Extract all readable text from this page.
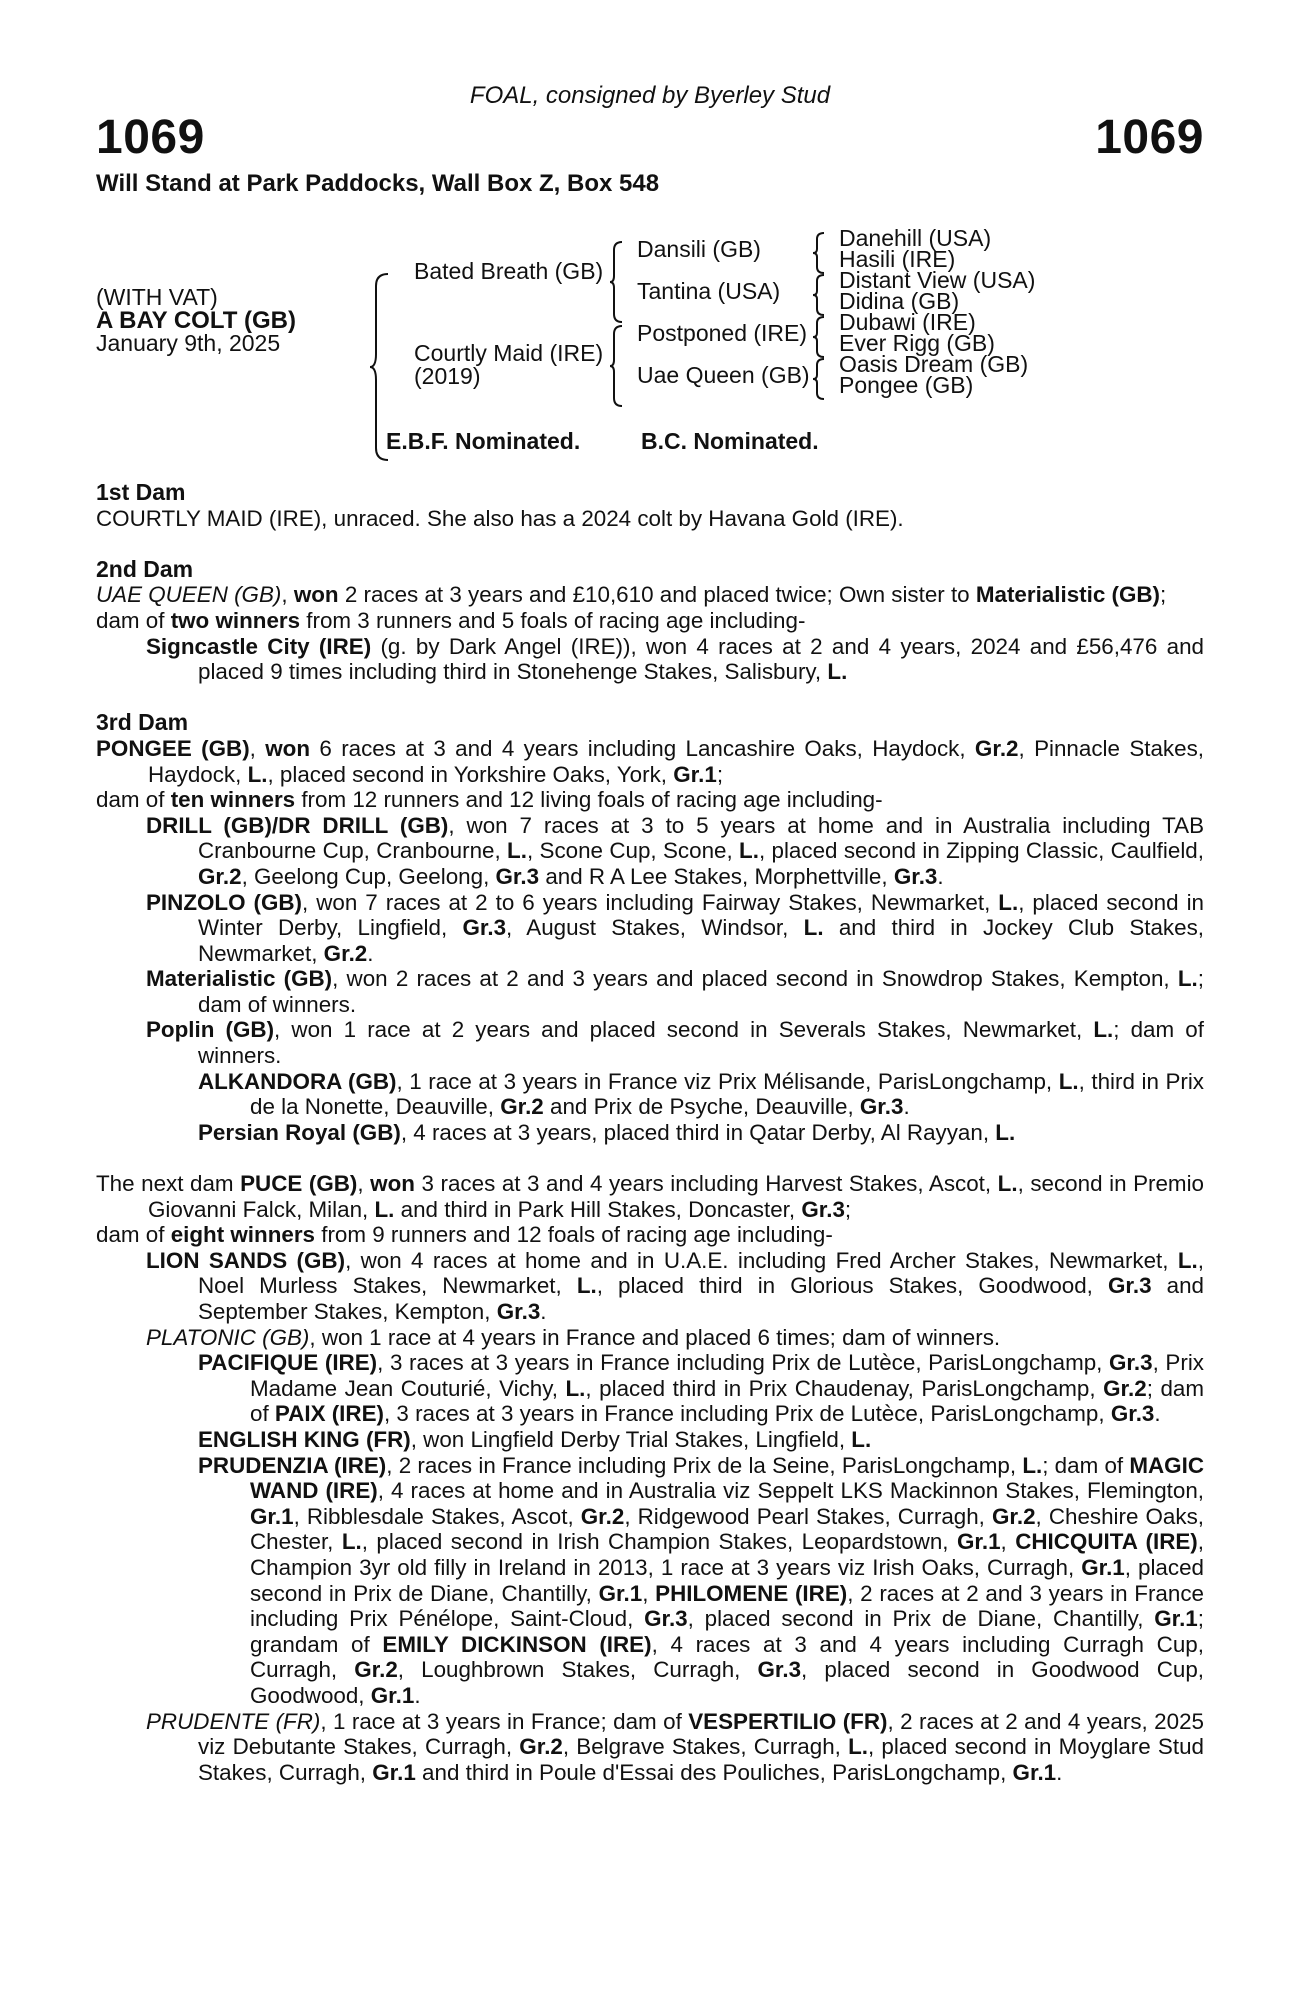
FOAL, consigned by Byerley Stud
1069	1069
Will Stand at Park Paddocks, Wall Box Z, Box 548
(WITH VAT)
A BAY COLT (GB)
January 9th, 2025
Bated Breath (GB)
Courtly Maid (IRE)
(2019)
Dansili (GB)
Tantina (USA)
Postponed (IRE)
Uae Queen (GB)
Danehill (USA)
Hasili (IRE)
Distant View (USA)
Didina (GB)
Dubawi (IRE)
Ever Rigg (GB)
Oasis Dream (GB)
Pongee (GB)
E.B.F. Nominated.	B.C. Nominated.
1st Dam

COURTLY MAID (IRE), unraced. She also has a 2024 colt by Havana Gold (IRE).

2nd Dam

UAE QUEEN (GB), won 2 races at 3 years and £10,610 and placed twice; Own sister to Materialistic (GB);

dam of two winners from 3 runners and 5 foals of racing age including-

Signcastle City (IRE) (g. by Dark Angel (IRE)), won 4 races at 2 and 4 years, 2024 and £56,476 and placed 9 times including third in Stonehenge Stakes, Salisbury, L.

3rd Dam

PONGEE (GB), won 6 races at 3 and 4 years including Lancashire Oaks, Haydock, Gr.2, Pinnacle Stakes, Haydock, L., placed second in Yorkshire Oaks, York, Gr.1;

dam of ten winners from 12 runners and 12 living foals of racing age including-

DRILL (GB)/DR DRILL (GB), won 7 races at 3 to 5 years at home and in Australia including TAB Cranbourne Cup, Cranbourne, L., Scone Cup, Scone, L., placed second in Zipping Classic, Caulfield, Gr.2, Geelong Cup, Geelong, Gr.3 and R A Lee Stakes, Morphettville, Gr.3.

PINZOLO (GB), won 7 races at 2 to 6 years including Fairway Stakes, Newmarket, L., placed second in Winter Derby, Lingfield, Gr.3, August Stakes, Windsor, L. and third in Jockey Club Stakes, Newmarket, Gr.2.

Materialistic (GB), won 2 races at 2 and 3 years and placed second in Snowdrop Stakes, Kempton, L.; dam of winners.

Poplin (GB), won 1 race at 2 years and placed second in Severals Stakes, Newmarket, L.; dam of winners.

ALKANDORA (GB), 1 race at 3 years in France viz Prix Mélisande, ParisLongchamp, L., third in Prix de la Nonette, Deauville, Gr.2 and Prix de Psyche, Deauville, Gr.3.

Persian Royal (GB), 4 races at 3 years, placed third in Qatar Derby, Al Rayyan, L.

The next dam PUCE (GB), won 3 races at 3 and 4 years including Harvest Stakes, Ascot, L., second in Premio Giovanni Falck, Milan, L. and third in Park Hill Stakes, Doncaster, Gr.3;

dam of eight winners from 9 runners and 12 foals of racing age including-

LION SANDS (GB), won 4 races at home and in U.A.E. including Fred Archer Stakes, Newmarket, L., Noel Murless Stakes, Newmarket, L., placed third in Glorious Stakes, Goodwood, Gr.3 and September Stakes, Kempton, Gr.3.

PLATONIC (GB), won 1 race at 4 years in France and placed 6 times; dam of winners.

PACIFIQUE (IRE), 3 races at 3 years in France including Prix de Lutèce, ParisLongchamp, Gr.3, Prix Madame Jean Couturié, Vichy, L., placed third in Prix Chaudenay, ParisLongchamp, Gr.2; dam of PAIX (IRE), 3 races at 3 years in France including Prix de Lutèce, ParisLongchamp, Gr.3.

ENGLISH KING (FR), won Lingfield Derby Trial Stakes, Lingfield, L.

PRUDENZIA (IRE), 2 races in France including Prix de la Seine, ParisLongchamp, L.; dam of MAGIC WAND (IRE), 4 races at home and in Australia viz Seppelt LKS Mackinnon Stakes, Flemington, Gr.1, Ribblesdale Stakes, Ascot, Gr.2, Ridgewood Pearl Stakes, Curragh, Gr.2, Cheshire Oaks, Chester, L., placed second in Irish Champion Stakes, Leopardstown, Gr.1, CHICQUITA (IRE), Champion 3yr old filly in Ireland in 2013, 1 race at 3 years viz Irish Oaks, Curragh, Gr.1, placed second in Prix de Diane, Chantilly, Gr.1, PHILOMENE (IRE), 2 races at 2 and 3 years in France including Prix Pénélope, Saint-Cloud, Gr.3, placed second in Prix de Diane, Chantilly, Gr.1; grandam of EMILY DICKINSON (IRE), 4 races at 3 and 4 years including Curragh Cup, Curragh, Gr.2, Loughbrown Stakes, Curragh, Gr.3, placed second in Goodwood Cup, Goodwood, Gr.1.

PRUDENTE (FR), 1 race at 3 years in France; dam of VESPERTILIO (FR), 2 races at 2 and 4 years, 2025 viz Debutante Stakes, Curragh, Gr.2, Belgrave Stakes, Curragh, L., placed second in Moyglare Stud Stakes, Curragh, Gr.1 and third in Poule d'Essai des Pouliches, ParisLongchamp, Gr.1.
